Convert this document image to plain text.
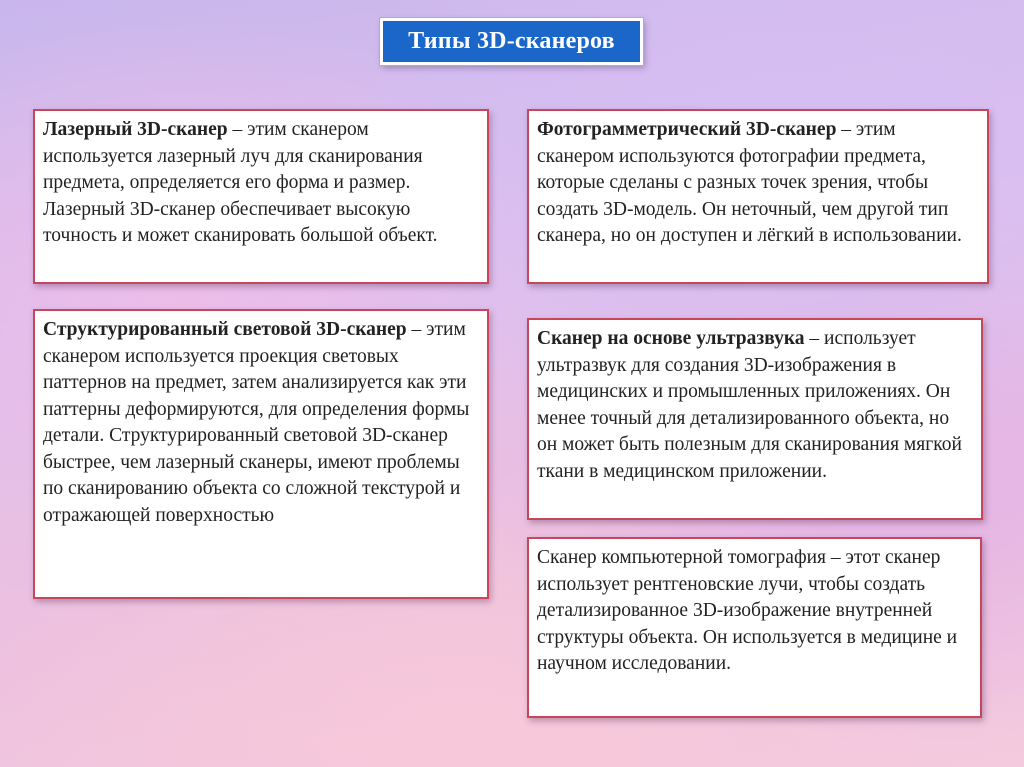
Типы 3D-сканеров
Лазерный 3D-сканер – этим сканером используется лазерный луч для сканирования предмета, определяется его форма и размер. Лазерный 3D-сканер обеспечивает высокую точность и может сканировать большой объект.
Фотограмметрический 3D-сканер – этим сканером используются фотографии предмета, которые сделаны с разных точек зрения, чтобы создать 3D-модель. Он неточный, чем другой тип сканера, но он доступен и лёгкий в использовании.
Структурированный световой 3D-сканер – этим сканером используется проекция световых паттернов на предмет, затем анализируется как эти паттерны деформируются, для определения формы детали. Структурированный световой 3D-сканер быстрее, чем лазерный сканеры, имеют проблемы по сканированию объекта со сложной текстурой и отражающей поверхностью
Сканер на основе ультразвука – использует ультразвук для создания 3D-изображения в медицинских и промышленных приложениях. Он менее точный для детализированного объекта, но он может быть полезным для сканирования мягкой ткани в медицинском приложении.
Сканер компьютерной томография – этот сканер использует рентгеновские лучи, чтобы создать детализированное 3D-изображение внутренней структуры объекта. Он используется в медицине и научном исследовании.
